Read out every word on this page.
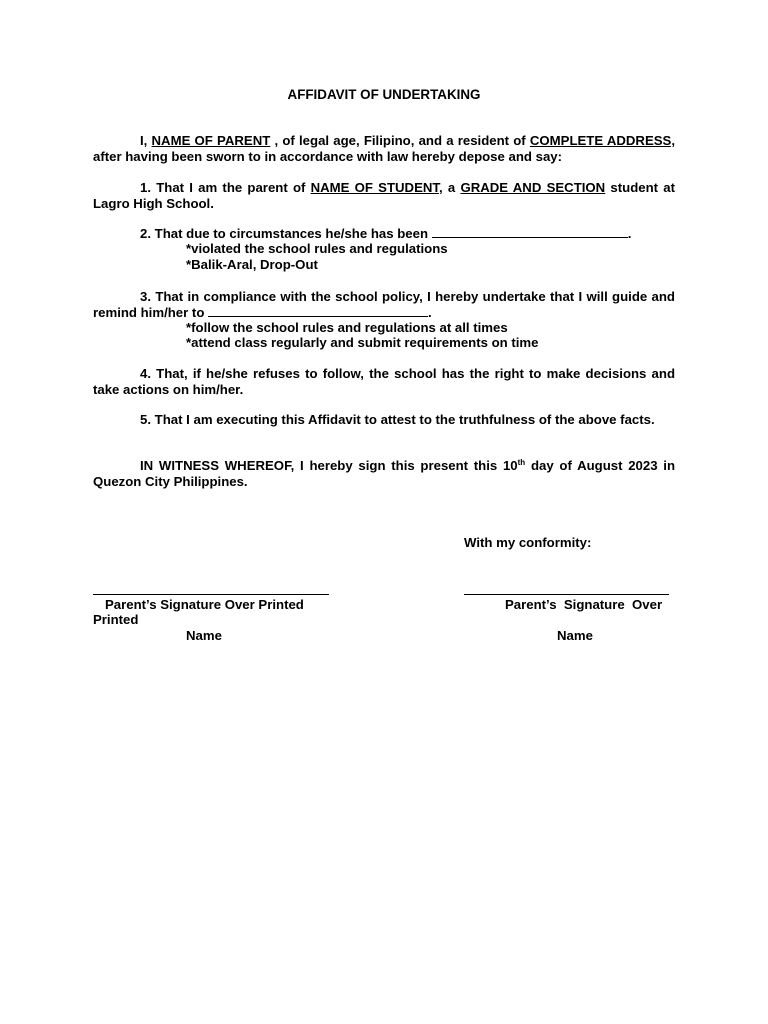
AFFIDAVIT OF UNDERTAKING
I, NAME OF PARENT , of legal age, Filipino, and a resident of COMPLETE ADDRESS, after having been sworn to in accordance with law hereby depose and say:
1. That I am the parent of NAME OF STUDENT, a GRADE AND SECTION student at Lagro High School.
2. That due to circumstances he/she has been	.
*violated the school rules and regulations
*Balik-Aral, Drop-Out
3. That in compliance with the school policy, I hereby undertake that I will guide and remind him/her to	.
*follow the school rules and regulations at all times
*attend class regularly and submit requirements on time
4. That, if he/she refuses to follow, the school has the right to make decisions and take actions on him/her.
5. That I am executing this Affidavit to attest to the truthfulness of the above facts.
IN WITNESS WHEREOF, I hereby sign this present this 10th day of August 2023 in Quezon City Philippines.
With my conformity:
Parent’s Signature Over Printed
Printed
Name
Parent’s  Signature  Over
Name
